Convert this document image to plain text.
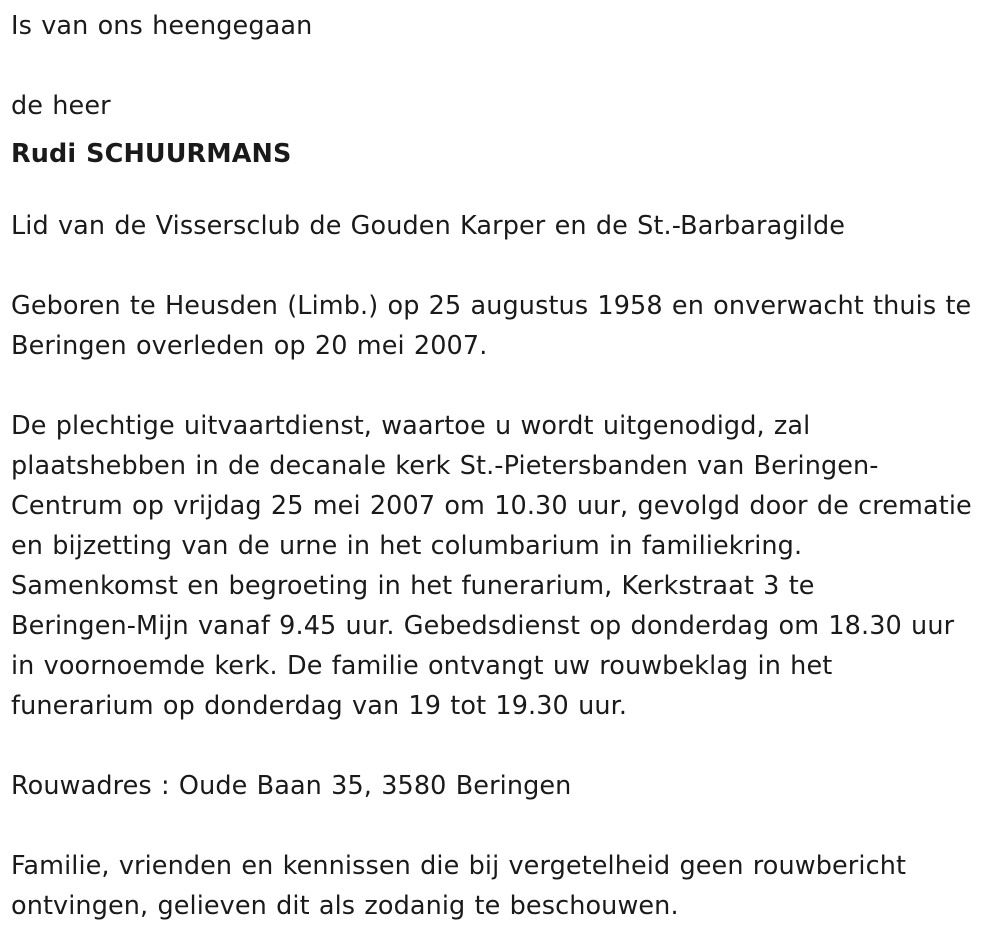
Is van ons heengegaan

de heer

Rudi SCHUURMANS

Lid van de Vissersclub de Gouden Karper en de St.-Barbaragilde

Geboren te Heusden (Limb.) op 25 augustus 1958 en onverwacht thuis te

Beringen overleden op 20 mei 2007.

De plechtige uitvaartdienst, waartoe u wordt uitgenodigd, zal

plaatshebben in de decanale kerk St.-Pietersbanden van Beringen-

Centrum op vrijdag 25 mei 2007 om 10.30 uur, gevolgd door de crematie

en bijzetting van de urne in het columbarium in familiekring.

Samenkomst en begroeting in het funerarium, Kerkstraat 3 te

Beringen-Mijn vanaf 9.45 uur. Gebedsdienst op donderdag om 18.30 uur

in voornoemde kerk. De familie ontvangt uw rouwbeklag in het

funerarium op donderdag van 19 tot 19.30 uur.

Rouwadres : Oude Baan 35, 3580 Beringen

Familie, vrienden en kennissen die bij vergetelheid geen rouwbericht

ontvingen, gelieven dit als zodanig te beschouwen.
